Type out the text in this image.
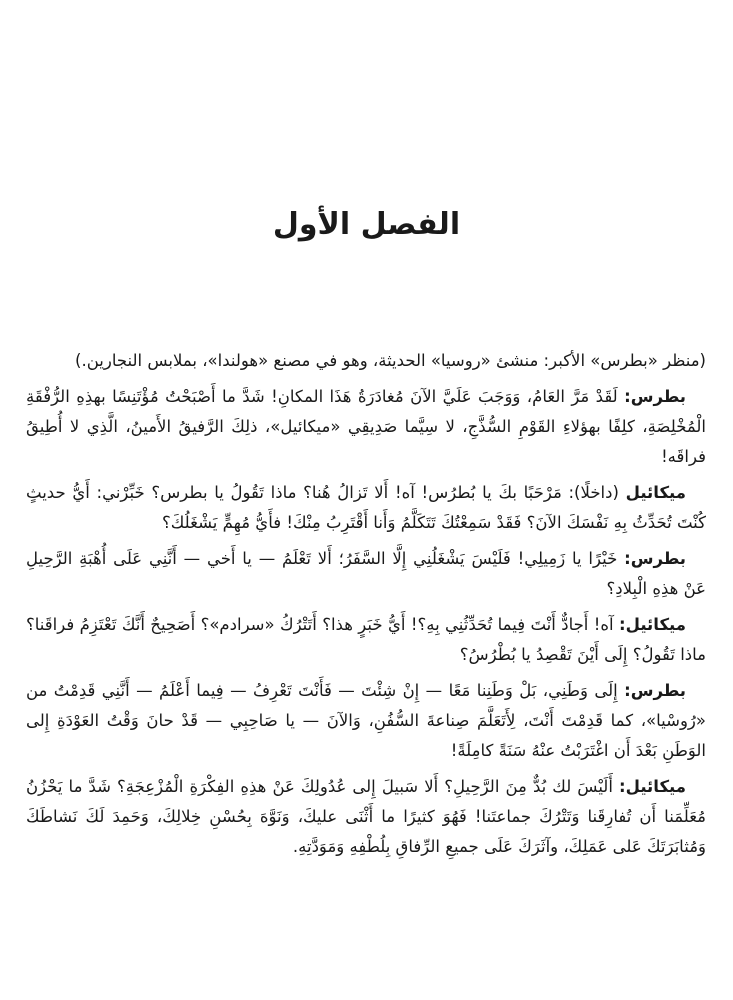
الفصل الأول

(منظر «بطرس» الأكبر: منشئ «روسيا» الحديثة، وهو في مصنع «هولندا»، بملابس النجارين.)

بطرس: لَقَدْ مَرَّ العَامُ، وَوَجَبَ عَلَيَّ الآنَ مُغادَرَةُ هَذَا المكانِ! شَدَّ ما أَصْبَحْتُ مُؤْتَنِسًا بهذِهِ الرُّفْقَةِ الْمُخْلِصَةِ، كلِفًا بهؤلاءِ القَوْمِ السُّذَّجِ، لا سِيَّما صَدِيقِي «ميكائيل»، ذلِكَ الرَّفيقُ الأَمينُ، الَّذِي لا أُطِيقُ فراقَه!

ميكائيل (داخلًا): مَرْحَبًا بكَ يا بُطرُس! آه! أَلا تَزالُ هُنا؟ ماذا تَقُولُ يا بطرس؟ خَبِّرْني: أَيُّ حديثٍ كُنْتَ تُحَدِّثُ بِهِ نَفْسَكَ الآنَ؟ فَقَدْ سَمِعْتُكَ تَتَكَلَّمُ وَأَنا أَقْتَرِبُ مِنْكَ! فأَيُّ مُهِمٍّ يَشْغَلُكَ؟

بطرس: خَيْرًا يا زَمِيلِي! فَلَيْسَ يَشْغَلُنِي إِلَّا السَّفَرُ؛ أَلا تَعْلَمُ — يا أَخي — أَنَّنِي عَلَى أُهْبَةِ الرَّحِيلِ عَنْ هذِهِ الْبِلادِ؟

ميكائيل: آه! أَجادٌّ أَنْتَ فِيما تُحَدِّثُنِي بِهِ؟! أَيُّ خَبَرٍ هذا؟ أَتَتْرُكُ «سرادم»؟ أَصَحِيحٌ أَنَّكَ تَعْتَزِمُ فراقَنا؟ ماذا تَقُولُ؟ إِلَى أَيْنَ تَقْصِدُ يا بُطْرُسُ؟

بطرس: إِلَى وَطَنِي، بَلْ وَطَنِنا مَعًا — إِنْ شِئْتَ — فَأَنْتَ تَعْرِفُ — فِيما أَعْلَمُ — أَنَّنِي قَدِمْتُ من «رُوسْيا»، كما قَدِمْتَ أَنْتَ، لِأَتَعَلَّمَ صِناعةَ السُّفُنِ، وَالآنَ — يا صَاحِبِي — قَدْ حانَ وَقْتُ العَوْدَةِ إِلى الوَطَنِ بَعْدَ أَن اغْتَرَبْتُ عنْهُ سَنَةً كامِلَةً!

ميكائيل: أَلَيْسَ لك بُدٌّ مِنَ الرَّحِيلِ؟ أَلا سَبيلَ إِلى عُدُولِكَ عَنْ هذِهِ الفِكْرَةِ الْمُزْعِجَةِ؟ شَدَّ ما يَحْزُنُ مُعَلِّمَنا أَن تُفارِقَنا وَتَتْرُكَ جماعتَنا! فَهُوَ كثيرًا ما أَثْنَى عليكَ، وَنَوَّهَ بِحُسْنِ خِلالِكَ، وَحَمِدَ لَكَ نَشاطَكَ وَمُثابَرَتَكَ عَلى عَمَلِكَ، وآثَرَكَ عَلَى جميعِ الرِّفاقِ بِلُطْفِهِ وَمَوَدَّتِهِ.
